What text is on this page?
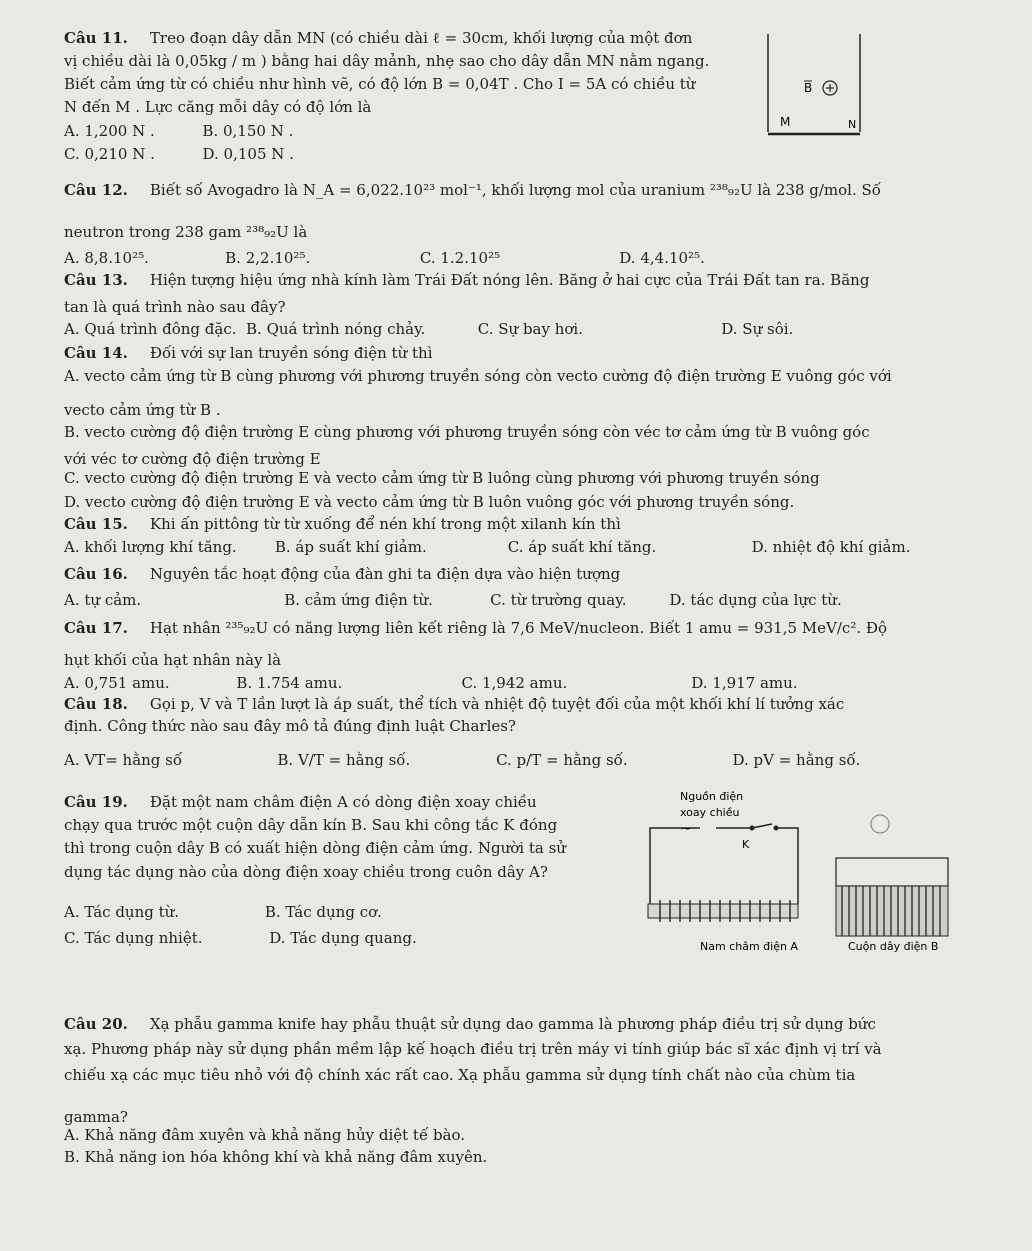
Câu 11. Treo đoạn dây dẫn MN (có chiều dài ℓ = 30cm, khối lượng của một đơn
vị chiều dài là 0,05kg / m ) bằng hai dây mảnh, nhẹ sao cho dây dẫn MN nằm ngang.
Biết cảm ứng từ có chiều như hình vẽ, có độ lớn B = 0,04T . Cho I = 5A có chiều từ
N đến M . Lực căng mỗi dây có độ lớn là
A. 1,200 N .          B. 0,150 N .
C. 0,210 N .          D. 0,105 N .
Câu 12. Biết số Avogadro là N_A = 6,022.10²³ mol⁻¹, khối lượng mol của uranium ²³⁸₉₂U là 238 g/mol. Số
neutron trong 238 gam ²³⁸₉₂U là
A. 8,8.10²⁵.                B. 2,2.10²⁵.                       C. 1.2.10²⁵                         D. 4,4.10²⁵.
Câu 13. Hiện tượng hiệu ứng nhà kính làm Trái Đất nóng lên. Băng ở hai cực của Trái Đất tan ra. Băng
tan là quá trình nào sau đây?
A. Quá trình đông đặc.  B. Quá trình nóng chảy.           C. Sự bay hơi.                             D. Sự sôi.
Câu 14. Đối với sự lan truyền sóng điện từ thì
A. vecto cảm ứng từ B cùng phương với phương truyền sóng còn vecto cường độ điện trường E vuông góc với
vecto cảm ứng từ B .
B. vecto cường độ điện trường E cùng phương với phương truyền sóng còn véc tơ cảm ứng từ B vuông góc
với véc tơ cường độ điện trường E
C. vecto cường độ điện trường E và vecto cảm ứng từ B luông cùng phương với phương truyền sóng
D. vecto cường độ điện trường E và vecto cảm ứng từ B luôn vuông góc với phương truyền sóng.
Câu 15. Khi ấn pittông từ từ xuống để nén khí trong một xilanh kín thì
A. khối lượng khí tăng.        B. áp suất khí giảm.                 C. áp suất khí tăng.                    D. nhiệt độ khí giảm.
Câu 16. Nguyên tắc hoạt động của đàn ghi ta điện dựa vào hiện tượng
A. tự cảm.                              B. cảm ứng điện từ.            C. từ trường quay.         D. tác dụng của lực từ.
Câu 17. Hạt nhân ²³⁵₉₂U có năng lượng liên kết riêng là 7,6 MeV/nucleon. Biết 1 amu = 931,5 MeV/c². Độ
hụt khối của hạt nhân này là
A. 0,751 amu.              B. 1.754 amu.                         C. 1,942 amu.                          D. 1,917 amu.
Câu 18. Gọi p, V và T lần lượt là áp suất, thể tích và nhiệt độ tuyệt đối của một khối khí lí tưởng xác
định. Công thức nào sau đây mô tả đúng định luật Charles?
A. VT= hằng số                    B. V/T = hằng số.                  C. p/T = hằng số.                      D. pV = hằng số.
Câu 19. Đặt một nam châm điện A có dòng điện xoay chiều
chạy qua trước một cuộn dây dẫn kín B. Sau khi công tắc K đóng
thì trong cuộn dây B có xuất hiện dòng điện cảm ứng. Người ta sử
dụng tác dụng nào của dòng điện xoay chiều trong cuôn dây A?
A. Tác dụng từ.                  B. Tác dụng cơ.
C. Tác dụng nhiệt.              D. Tác dụng quang.
Câu 20. Xạ phẫu gamma knife hay phẫu thuật sử dụng dao gamma là phương pháp điều trị sử dụng bức
xạ. Phương pháp này sử dụng phần mềm lập kế hoạch điều trị trên máy vi tính giúp bác sĩ xác định vị trí và
chiếu xạ các mục tiêu nhỏ với độ chính xác rất cao. Xạ phẫu gamma sử dụng tính chất nào của chùm tia
gamma?
A. Khả năng đâm xuyên và khả năng hủy diệt tế bào.
B. Khả năng ion hóa không khí và khả năng đâm xuyên.
B
M	N
Nguồn điện
xoay chiều
~
K
Nam châm điện A	Cuộn dây điện B
